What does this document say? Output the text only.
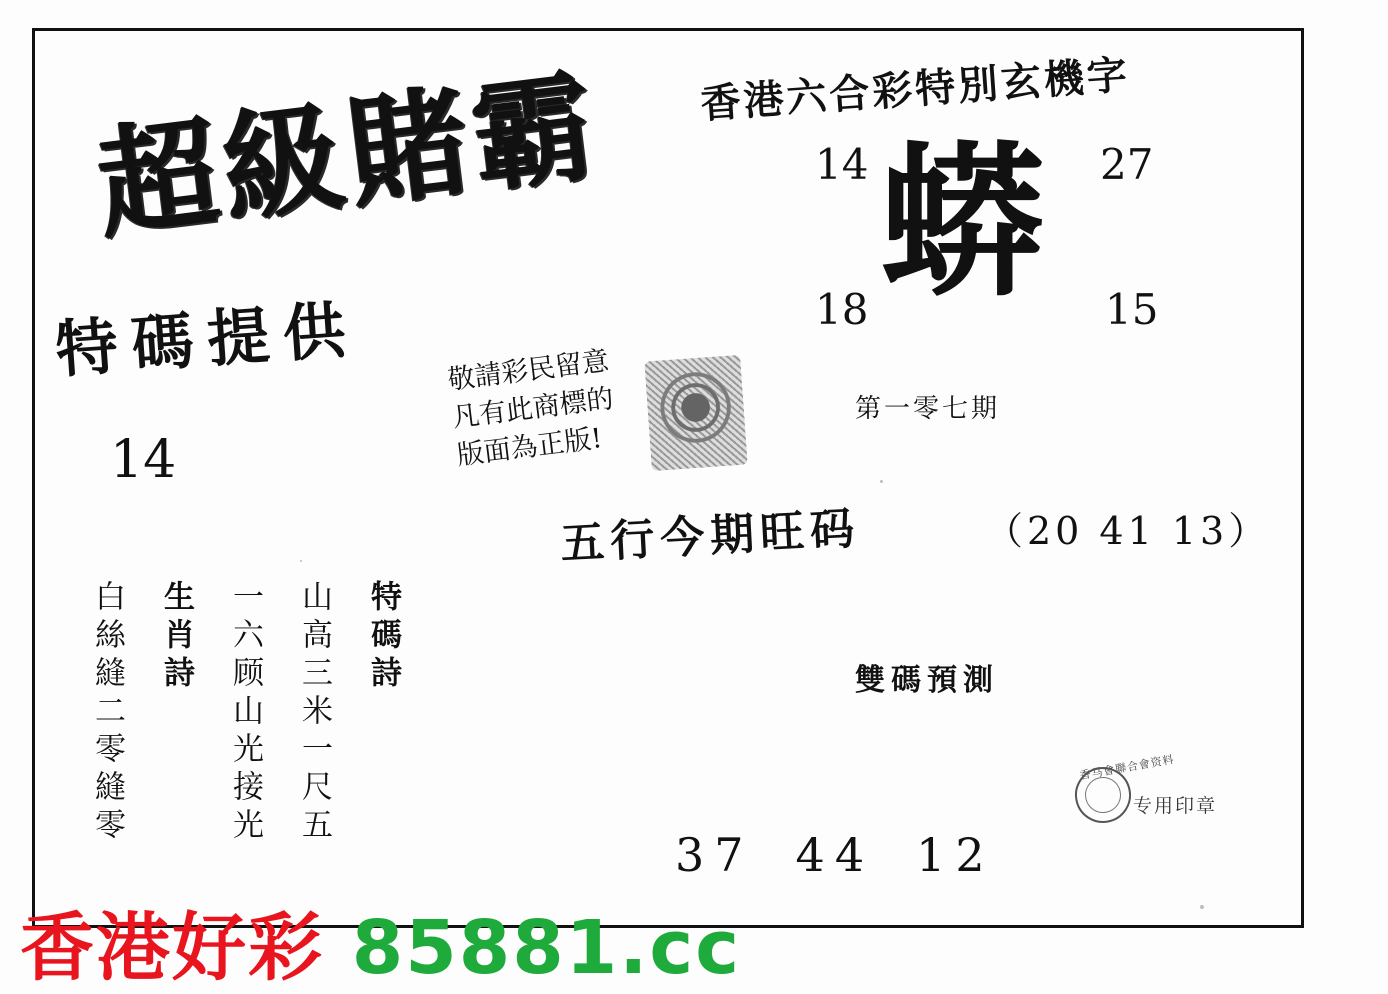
超級賭霸
特碼提供
14
敬請彩民留意
凡有此商標的
版面為正版!
香港六合彩特別玄機字
蟒
14	27
18	15
第一零七期
五行今期旺码	（20 41 13）
雙碼預測
37 44 12
特碼詩
山高三米一尺五
一六顾山光接光
生肖詩
白絲縫二零縫零	香马會聯合會资料
专用印章
香港好彩 85881.cc
